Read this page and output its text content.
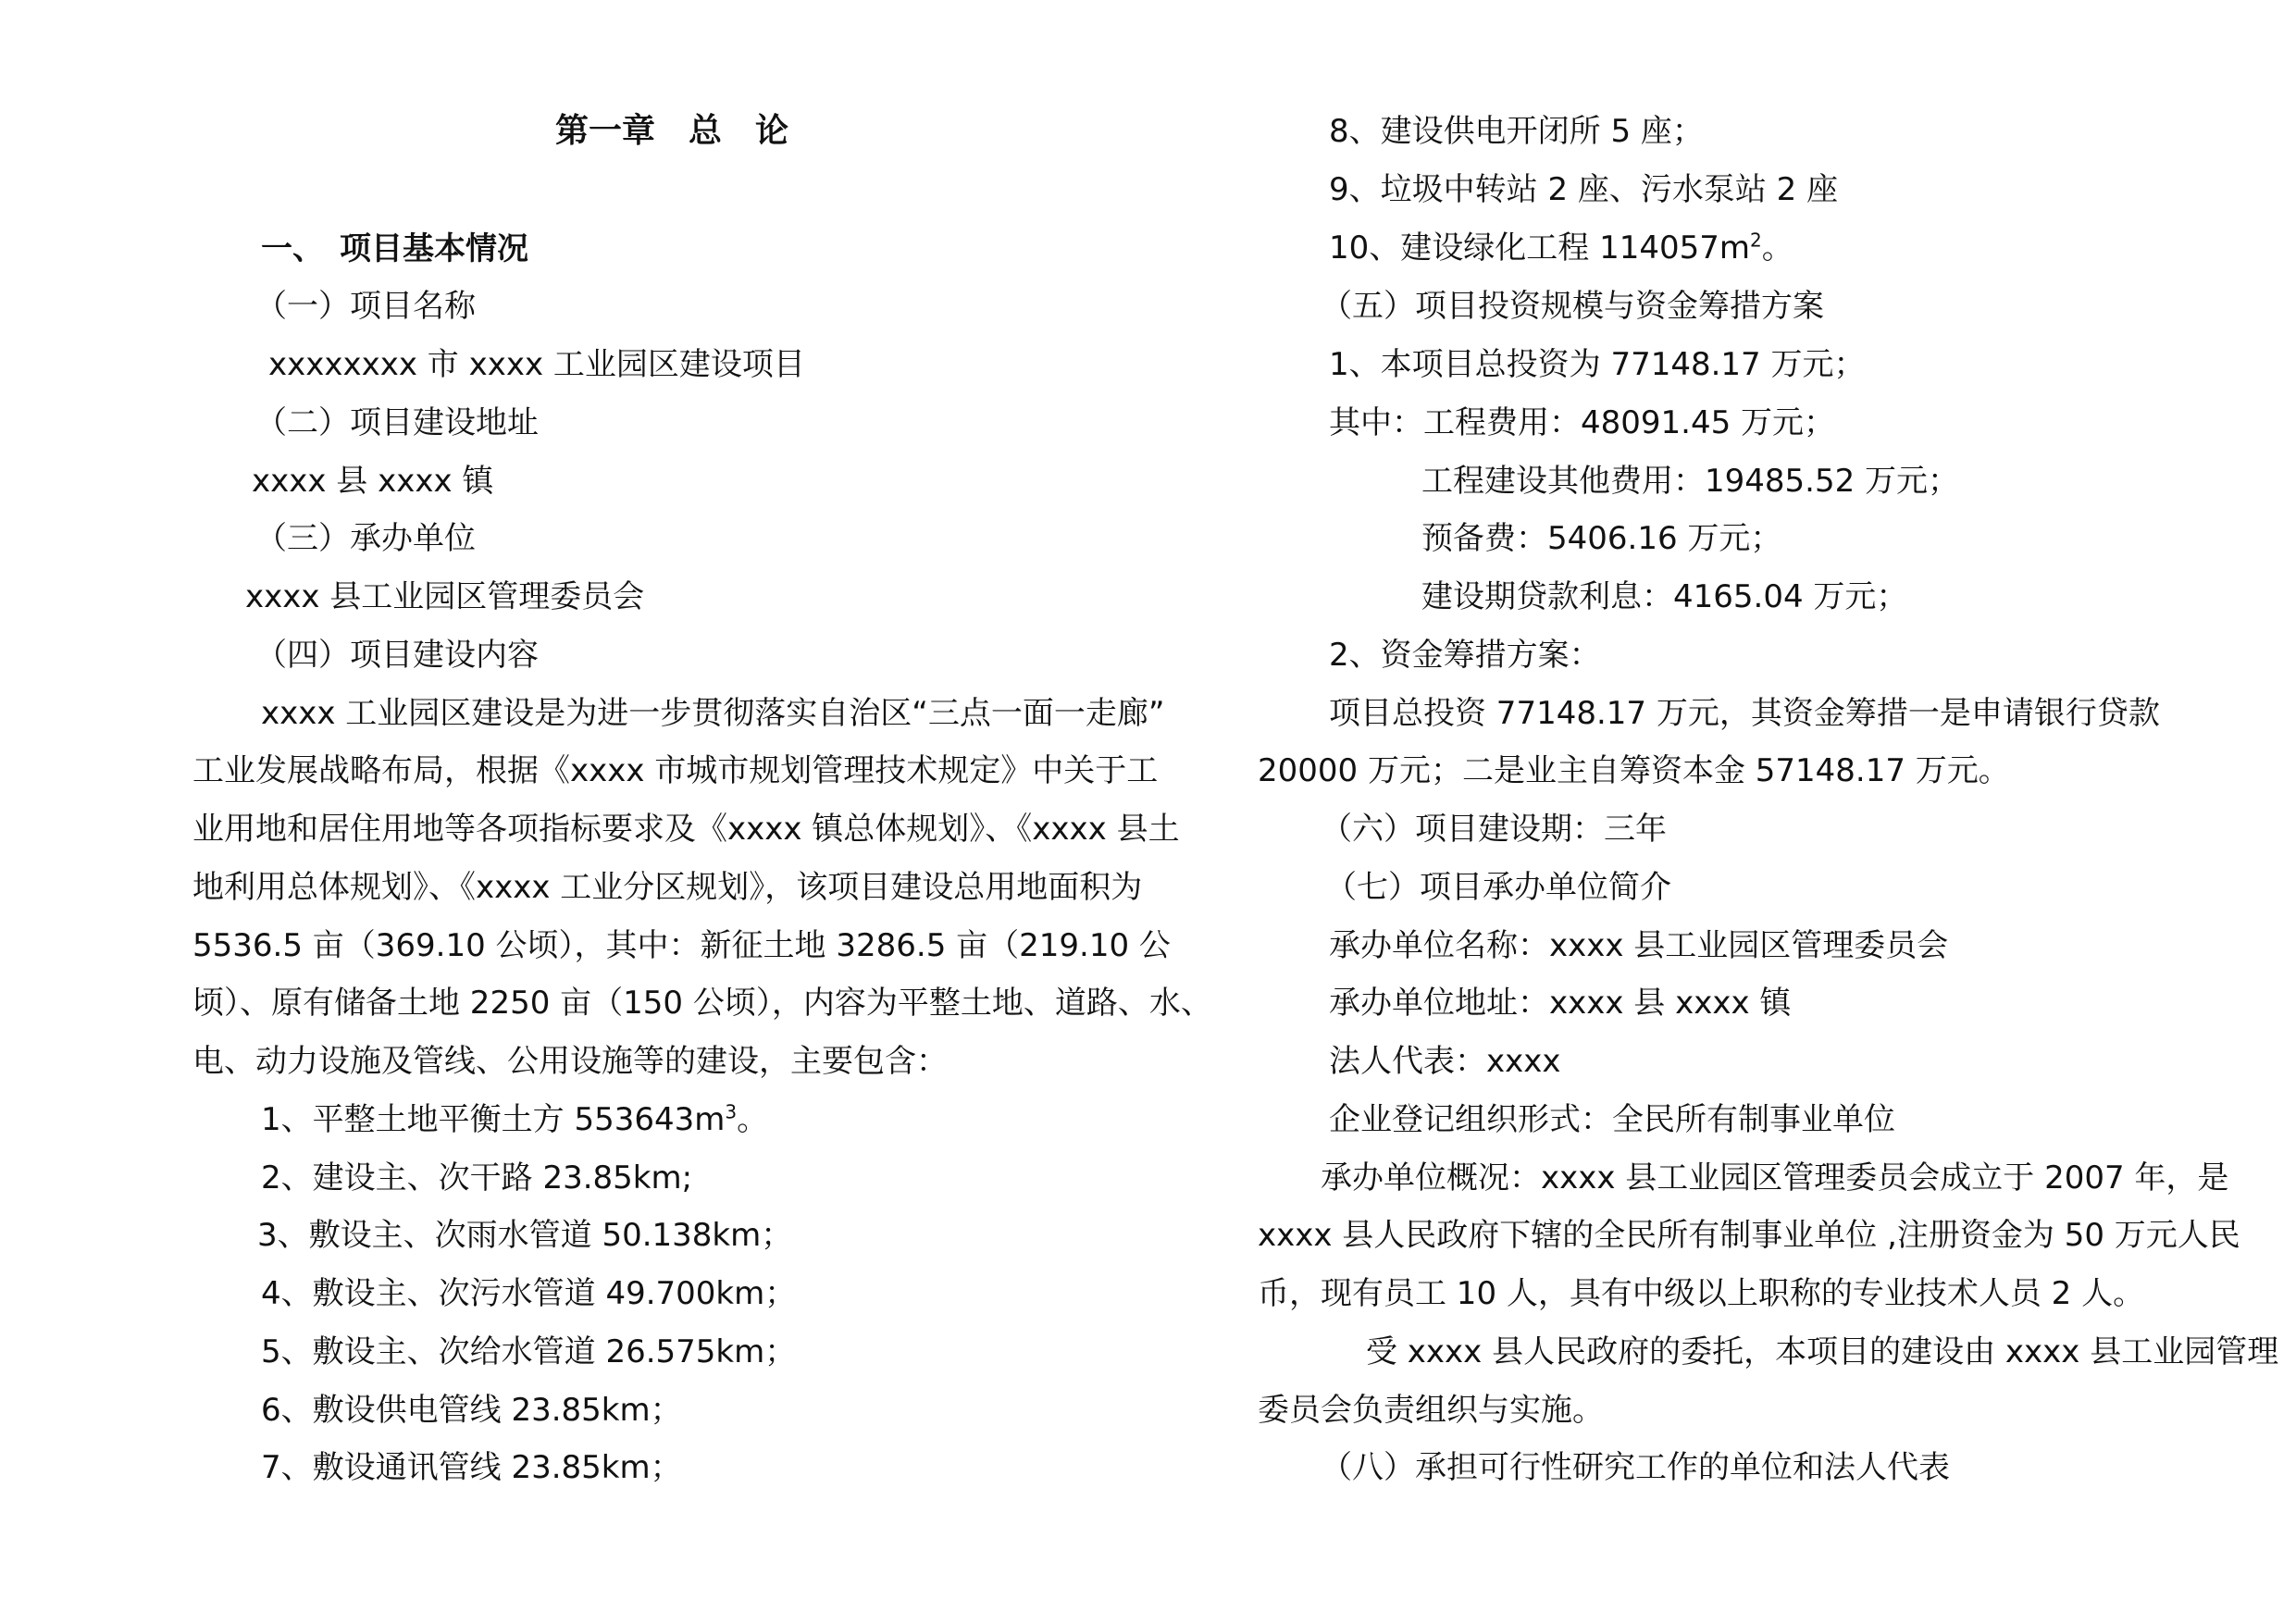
第一章　总　论
一、　项目基本情况
（一）项目名称
xxxxxxxx 市 xxxx 工业园区建设项目
（二）项目建设地址
xxxx 县 xxxx 镇
（三）承办单位
xxxx 县工业园区管理委员会
（四）项目建设内容
xxxx 工业园区建设是为进一步贯彻落实自治区“三点一面一走廊”
工业发展战略布局，根据《xxxx 市城市规划管理技术规定》中关于工
业用地和居住用地等各项指标要求及《xxxx 镇总体规划》、《xxxx 县土
地利用总体规划》、《xxxx 工业分区规划》，该项目建设总用地面积为
5536.5 亩（369.10 公顷），其中：新征土地 3286.5 亩（219.10 公
顷）、原有储备土地 2250 亩（150 公顷），内容为平整土地、道路、水、
电、动力设施及管线、公用设施等的建设，主要包含：
1、平整土地平衡土方 $553643m^3$。
2、建设主、次干路 23.85km;
3、敷设主、次雨水管道 50.138km；
4、敷设主、次污水管道 49.700km；
5、敷设主、次给水管道 26.575km；
6、敷设供电管线 23.85km；
7、敷设通讯管线 23.85km；
8、建设供电开闭所 5 座；
9、垃圾中转站 2 座、污水泵站 2 座
10、建设绿化工程 $114057m^2$。
（五）项目投资规模与资金筹措方案
1、本项目总投资为 77148.17 万元；
其中：工程费用：48091.45 万元；
工程建设其他费用：19485.52 万元；
预备费：5406.16 万元；
建设期贷款利息：4165.04 万元；
2、资金筹措方案：
项目总投资 77148.17 万元，其资金筹措一是申请银行贷款
20000 万元；二是业主自筹资本金 57148.17 万元。
（六）项目建设期：三年
（七）项目承办单位简介
承办单位名称：xxxx 县工业园区管理委员会
承办单位地址：xxxx 县 xxxx 镇
法人代表：xxxx
企业登记组织形式：全民所有制事业单位
承办单位概况：xxxx 县工业园区管理委员会成立于 2007 年，是
xxxx 县人民政府下辖的全民所有制事业单位 ,注册资金为 50 万元人民
币，现有员工 10 人，具有中级以上职称的专业技术人员 2 人。
受 xxxx 县人民政府的委托，本项目的建设由 xxxx 县工业园管理
委员会负责组织与实施。
（八）承担可行性研究工作的单位和法人代表
